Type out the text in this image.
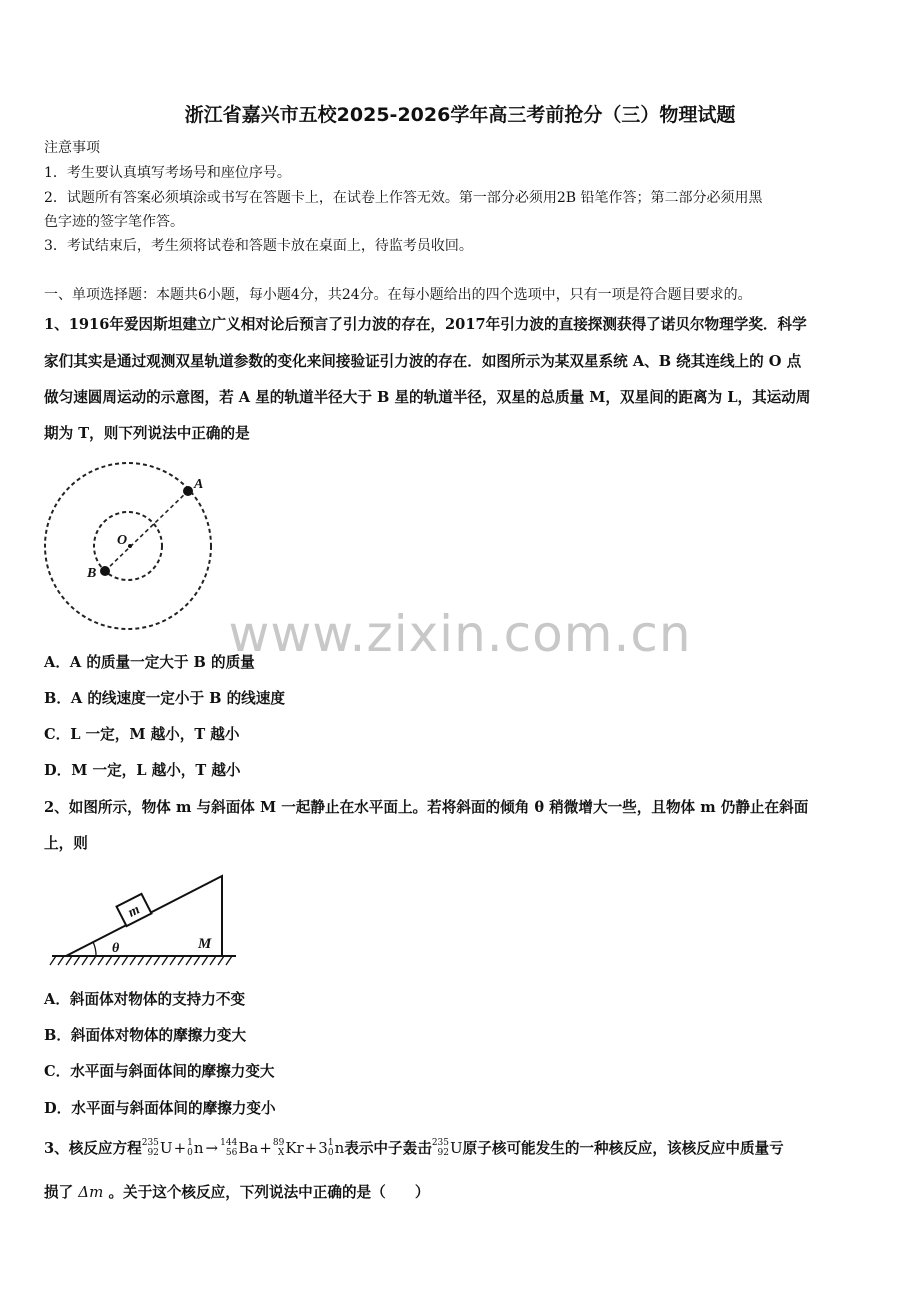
浙江省嘉兴市五校2025-2026学年高三考前抢分（三）物理试题
注意事项
1．考生要认真填写考场号和座位序号。
2．试题所有答案必须填涂或书写在答题卡上，在试卷上作答无效。第一部分必须用2B 铅笔作答；第二部分必须用黑
色字迹的签字笔作答。
3．考试结束后，考生须将试卷和答题卡放在桌面上，待监考员收回。
一、单项选择题：本题共6小题，每小题4分，共24分。在每小题给出的四个选项中，只有一项是符合题目要求的。
1、1916年爱因斯坦建立广义相对论后预言了引力波的存在，2017年引力波的直接探测获得了诺贝尔物理学奖．科学
家们其实是通过观测双星轨道参数的变化来间接验证引力波的存在．如图所示为某双星系统 A、B 绕其连线上的 O 点
做匀速圆周运动的示意图，若 A 星的轨道半径大于 B 星的轨道半径，双星的总质量 M，双星间的距离为 L，其运动周
期为 T，则下列说法中正确的是
A
B
O
A．A 的质量一定大于 B 的质量
B．A 的线速度一定小于 B 的线速度
C．L 一定，M 越小，T 越小
D．M 一定，L 越小，T 越小
www.zixin.com.cn
2、如图所示，物体 m 与斜面体 M 一起静止在水平面上。若将斜面的倾角 θ 稍微增大一些，且物体 m 仍静止在斜面
上，则
m
θ	M
A．斜面体对物体的支持力不变
B．斜面体对物体的摩擦力变大
C．水平面与斜面体间的摩擦力变大
D．水平面与斜面体间的摩擦力变小
3、核反应方程 235
92 U + 1
0 n → 144
56 Ba + 89
X Kr + 3 1
0 n 表示中子轰击 235
92 U 原子核可能发生的一种核反应，该核反应中质量亏
损了 Δm 。关于这个核反应，下列说法中正确的是（　　）
